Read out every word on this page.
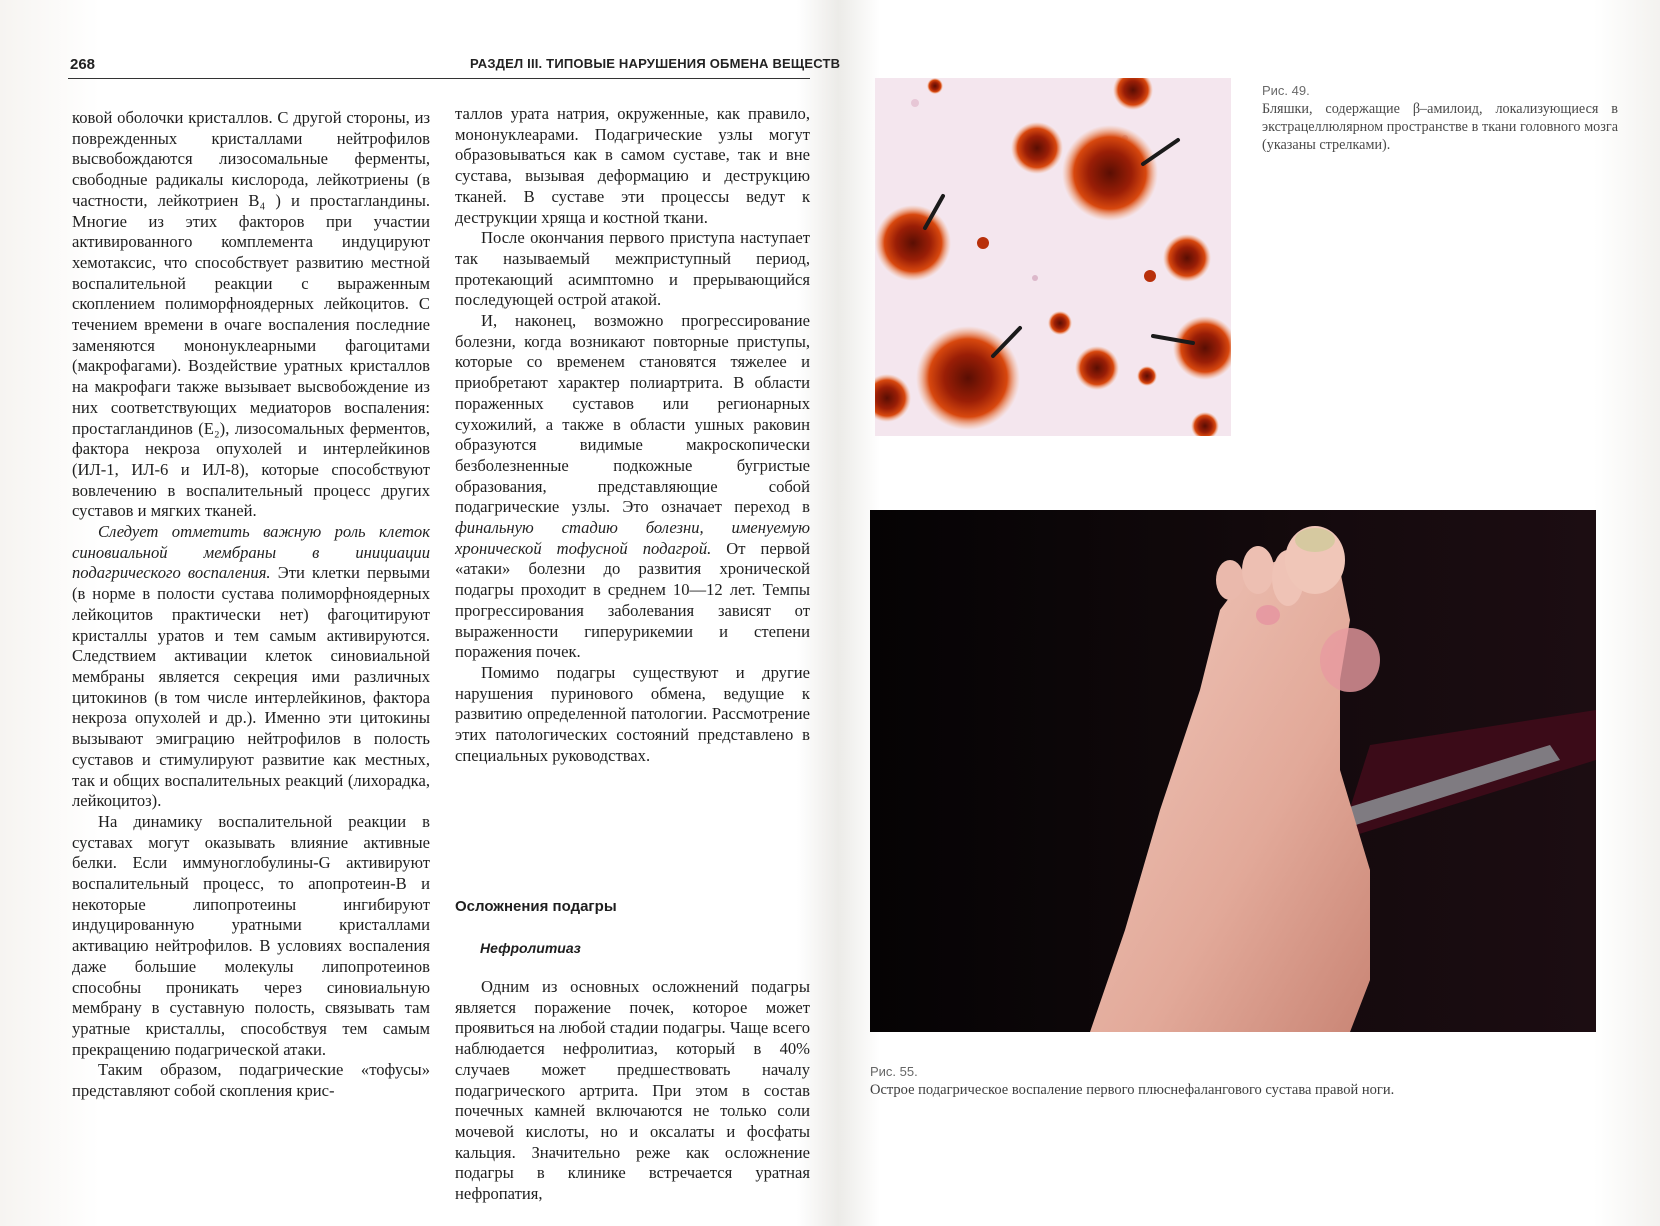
268	РАЗДЕЛ III. ТИПОВЫЕ НАРУШЕНИЯ ОБМЕНА ВЕЩЕСТВ

ковой оболочки кристаллов. С другой стороны, из поврежденных кристаллами нейтрофилов высвобождаются лизосомальные ферменты, свободные радикалы кислорода, лейкотриены (в частности, лейкотриен B₄ ) и простагландины. Многие из этих факторов при участии активированного комплемента индуцируют хемотаксис, что способствует развитию местной воспалительной реакции с выраженным скоплением полиморфноядерных лейкоцитов. С течением времени в очаге воспаления последние заменяются мононуклеарными фагоцитами (макрофагами). Воздействие уратных кристаллов на макрофаги также вызывает высвобождение из них соответствующих медиаторов воспаления: простагландинов (E₂), лизосомальных ферментов, фактора некроза опухолей и интерлейкинов (ИЛ-1, ИЛ-6 и ИЛ-8), которые способствуют вовлечению в воспалительный процесс других суставов и мягких тканей.

Следует отметить важную роль клеток синовиальной мембраны в инициации подагрического воспаления. Эти клетки первыми (в норме в полости сустава полиморфноядерных лейкоцитов практически нет) фагоцитируют кристаллы уратов и тем самым активируются. Следствием активации клеток синовиальной мембраны является секреция ими различных цитокинов (в том числе интерлейкинов, фактора некроза опухолей и др.). Именно эти цитокины вызывают эмиграцию нейтрофилов в полость суставов и стимулируют развитие как местных, так и общих воспалительных реакций (лихорадка, лейкоцитоз).

На динамику воспалительной реакции в суставах могут оказывать влияние активные белки. Если иммуноглобулины-G активируют воспалительный процесс, то апопротеин-B и некоторые липопротеины ингибируют индуцированную уратными кристаллами активацию нейтрофилов. В условиях воспаления даже большие молекулы липопротеинов способны проникать через синовиальную мембрану в суставную полость, связывать там уратные кристаллы, способствуя тем самым прекращению подагрической атаки.

Таким образом, подагрические «тофусы» представляют собой скопления крис-

таллов урата натрия, окруженные, как правило, мононуклеарами. Подагрические узлы могут образовываться как в самом суставе, так и вне сустава, вызывая деформацию и деструкцию тканей. В суставе эти процессы ведут к деструкции хряща и костной ткани.

После окончания первого приступа наступает так называемый межприступный период, протекающий асимптомно и прерывающийся последующей острой атакой.

И, наконец, возможно прогрессирование болезни, когда возникают повторные приступы, которые со временем становятся тяжелее и приобретают характер полиартрита. В области пораженных суставов или регионарных сухожилий, а также в области ушных раковин образуются видимые макроскопически безболезненные подкожные бугристые образования, представляющие собой подагрические узлы. Это означает переход в финальную стадию болезни, именуемую хронической тофусной подагрой. От первой «атаки» болезни до развития хронической подагры проходит в среднем 10—12 лет. Темпы прогрессирования заболевания зависят от выраженности гиперурикемии и степени поражения почек.

Помимо подагры существуют и другие нарушения пуринового обмена, ведущие к развитию определенной патологии. Рассмотрение этих патологических состояний представлено в специальных руководствах.

Осложнения подагры
Нефролитиаз

Одним из основных осложнений подагры является поражение почек, которое может проявиться на любой стадии подагры. Чаще всего наблюдается нефролитиаз, который в 40% случаев может предшествовать началу подагрического артрита. При этом в состав почечных камней включаются не только соли мочевой кислоты, но и оксалаты и фосфаты кальция. Значительно реже как осложнение подагры в клинике встречается уратная нефропатия,

Рис. 49.
Бляшки, содержащие β–амилоид, локализующиеся в экстрацеллюлярном пространстве в ткани головного мозга (указаны стрелками).
Рис. 55.
Острое подагрическое воспаление первого плюснефалангового сустава правой ноги.
